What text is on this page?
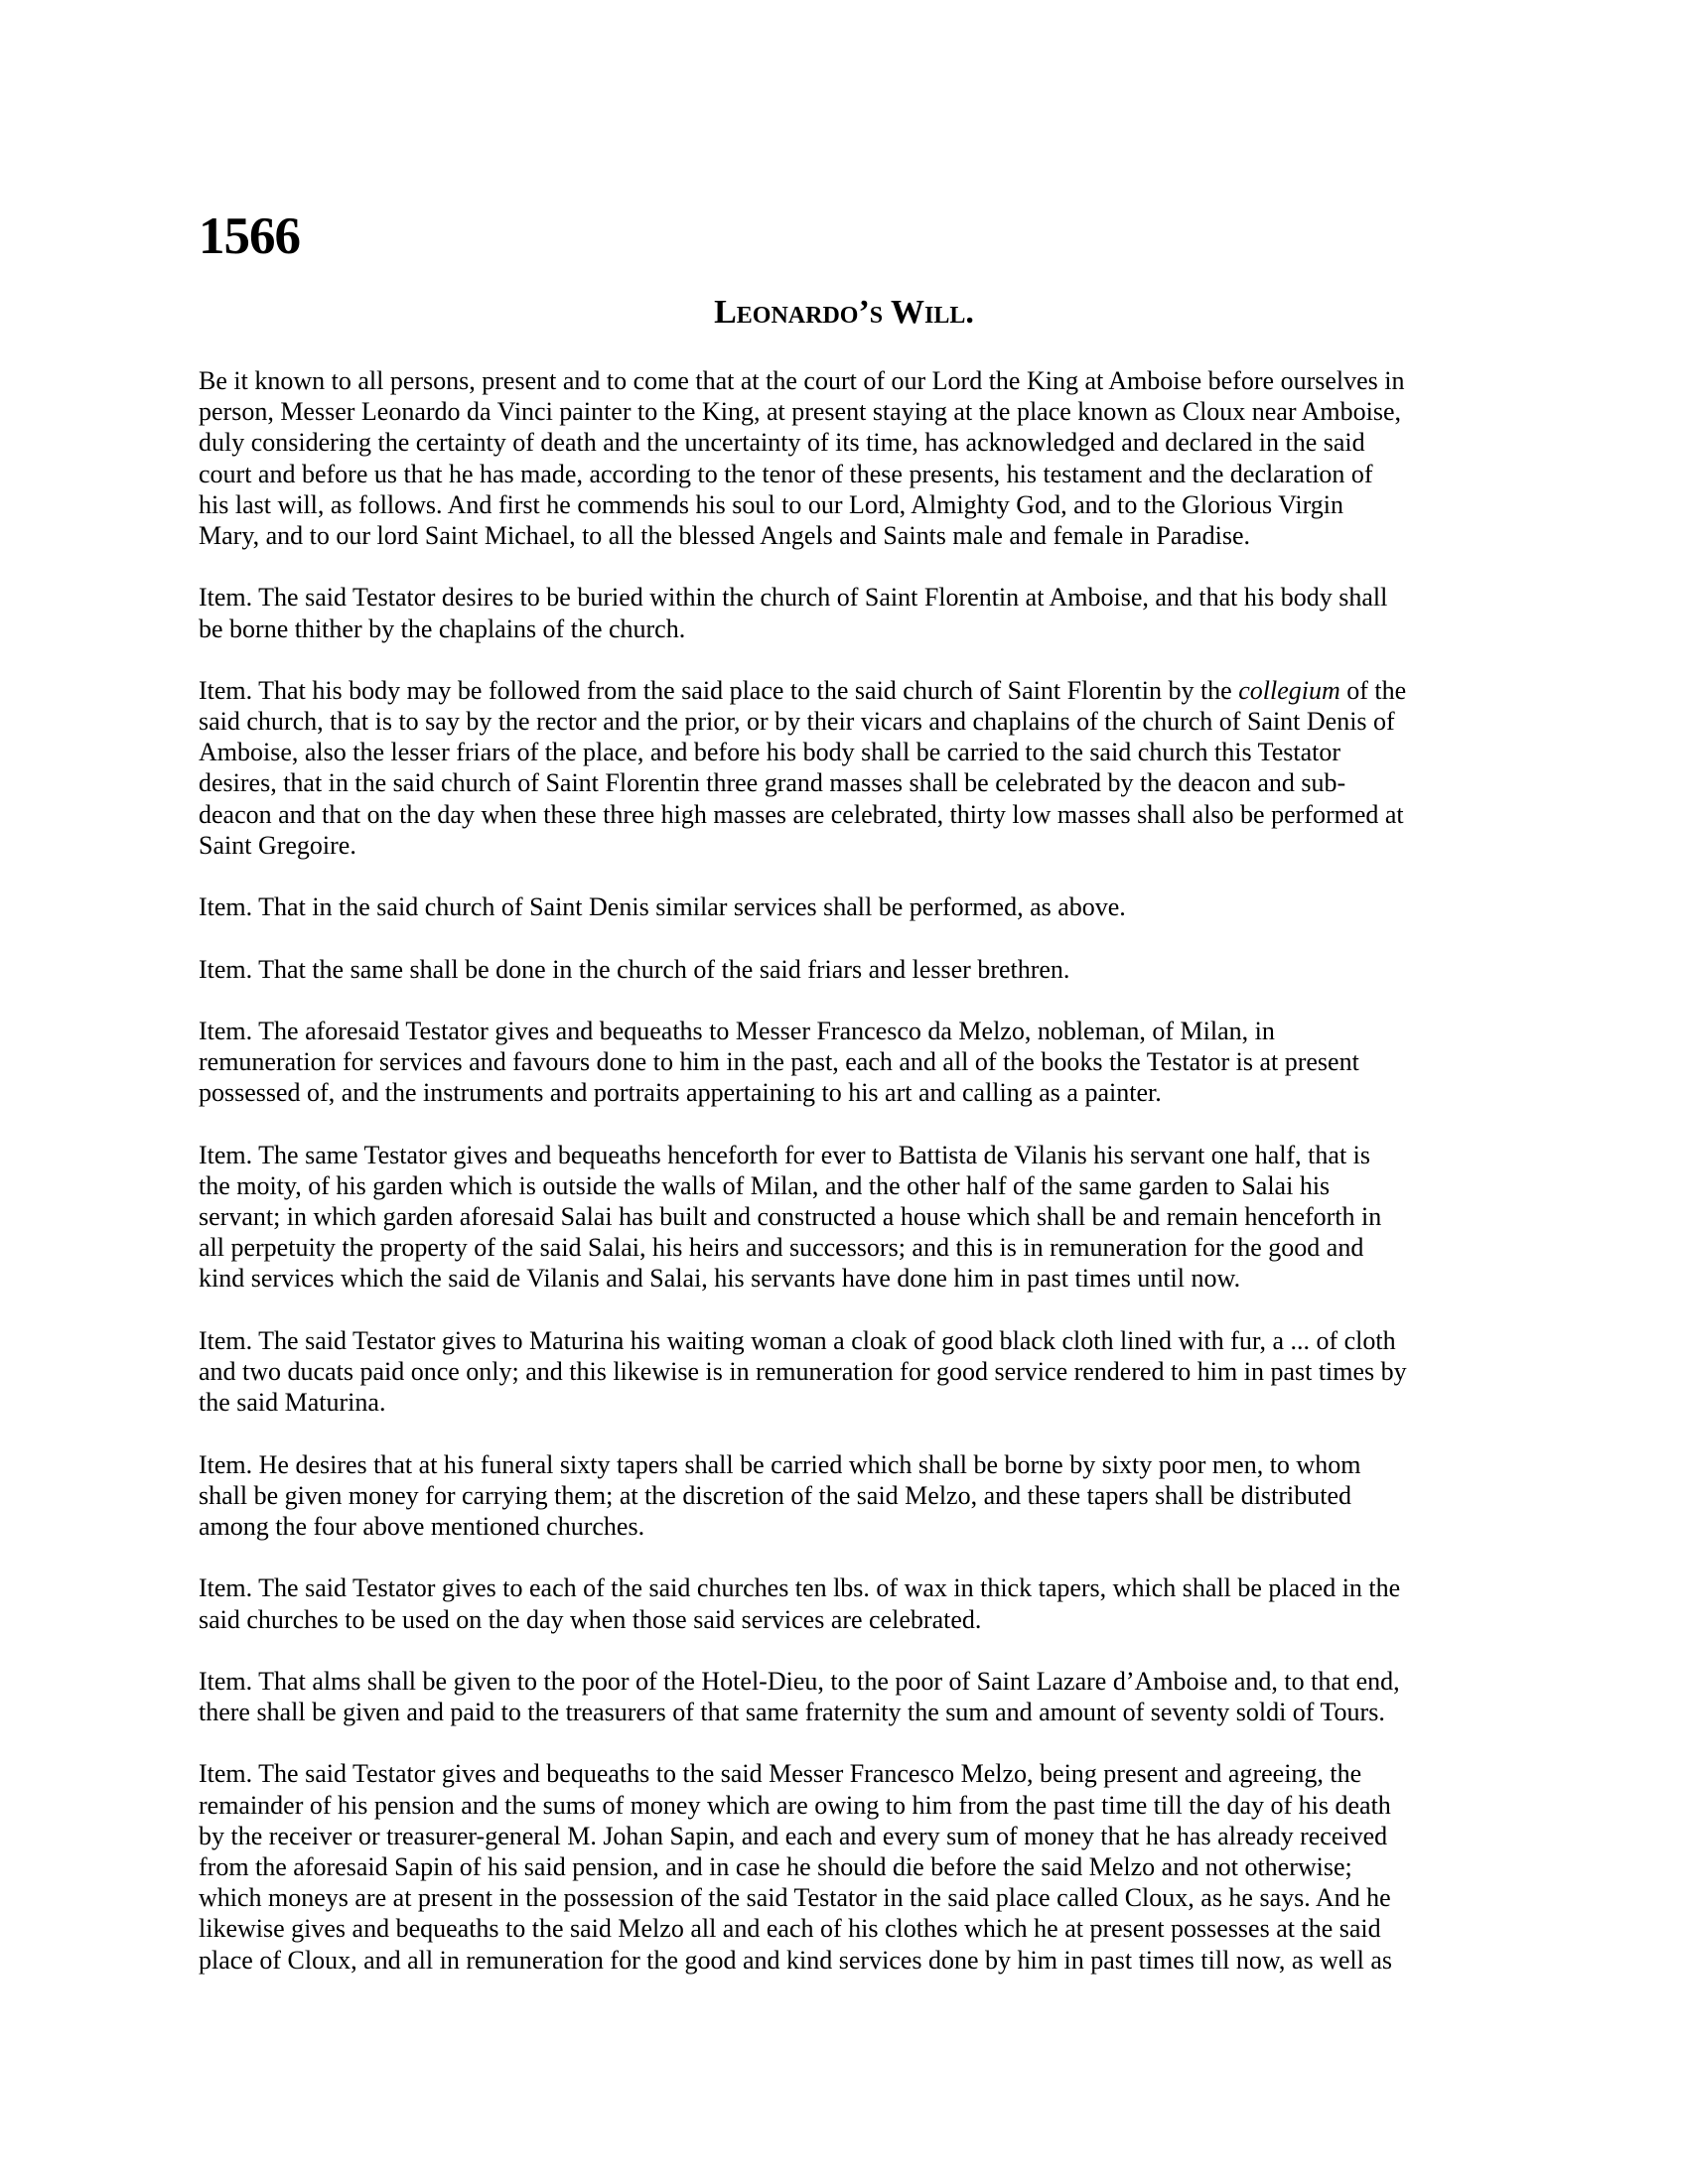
1566
Leonardo’s Will.
Be it known to all persons, present and to come that at the court of our Lord the King at Amboise before ourselves in
person, Messer Leonardo da Vinci painter to the King, at present staying at the place known as Cloux near Amboise,
duly considering the certainty of death and the uncertainty of its time, has acknowledged and declared in the said
court and before us that he has made, according to the tenor of these presents, his testament and the declaration of
his last will, as follows. And first he commends his soul to our Lord, Almighty God, and to the Glorious Virgin
Mary, and to our lord Saint Michael, to all the blessed Angels and Saints male and female in Paradise.
Item. The said Testator desires to be buried within the church of Saint Florentin at Amboise, and that his body shall
be borne thither by the chaplains of the church.
Item. That his body may be followed from the said place to the said church of Saint Florentin by the collegium of the
said church, that is to say by the rector and the prior, or by their vicars and chaplains of the church of Saint Denis of
Amboise, also the lesser friars of the place, and before his body shall be carried to the said church this Testator
desires, that in the said church of Saint Florentin three grand masses shall be celebrated by the deacon and sub-
deacon and that on the day when these three high masses are celebrated, thirty low masses shall also be performed at
Saint Gregoire.
Item. That in the said church of Saint Denis similar services shall be performed, as above.
Item. That the same shall be done in the church of the said friars and lesser brethren.
Item. The aforesaid Testator gives and bequeaths to Messer Francesco da Melzo, nobleman, of Milan, in
remuneration for services and favours done to him in the past, each and all of the books the Testator is at present
possessed of, and the instruments and portraits appertaining to his art and calling as a painter.
Item. The same Testator gives and bequeaths henceforth for ever to Battista de Vilanis his servant one half, that is
the moity, of his garden which is outside the walls of Milan, and the other half of the same garden to Salai his
servant; in which garden aforesaid Salai has built and constructed a house which shall be and remain henceforth in
all perpetuity the property of the said Salai, his heirs and successors; and this is in remuneration for the good and
kind services which the said de Vilanis and Salai, his servants have done him in past times until now.
Item. The said Testator gives to Maturina his waiting woman a cloak of good black cloth lined with fur, a ... of cloth
and two ducats paid once only; and this likewise is in remuneration for good service rendered to him in past times by
the said Maturina.
Item. He desires that at his funeral sixty tapers shall be carried which shall be borne by sixty poor men, to whom
shall be given money for carrying them; at the discretion of the said Melzo, and these tapers shall be distributed
among the four above mentioned churches.
Item. The said Testator gives to each of the said churches ten lbs. of wax in thick tapers, which shall be placed in the
said churches to be used on the day when those said services are celebrated.
Item. That alms shall be given to the poor of the Hotel-Dieu, to the poor of Saint Lazare d’Amboise and, to that end,
there shall be given and paid to the treasurers of that same fraternity the sum and amount of seventy soldi of Tours.
Item. The said Testator gives and bequeaths to the said Messer Francesco Melzo, being present and agreeing, the
remainder of his pension and the sums of money which are owing to him from the past time till the day of his death
by the receiver or treasurer-general M. Johan Sapin, and each and every sum of money that he has already received
from the aforesaid Sapin of his said pension, and in case he should die before the said Melzo and not otherwise;
which moneys are at present in the possession of the said Testator in the said place called Cloux, as he says. And he
likewise gives and bequeaths to the said Melzo all and each of his clothes which he at present possesses at the said
place of Cloux, and all in remuneration for the good and kind services done by him in past times till now, as well as
